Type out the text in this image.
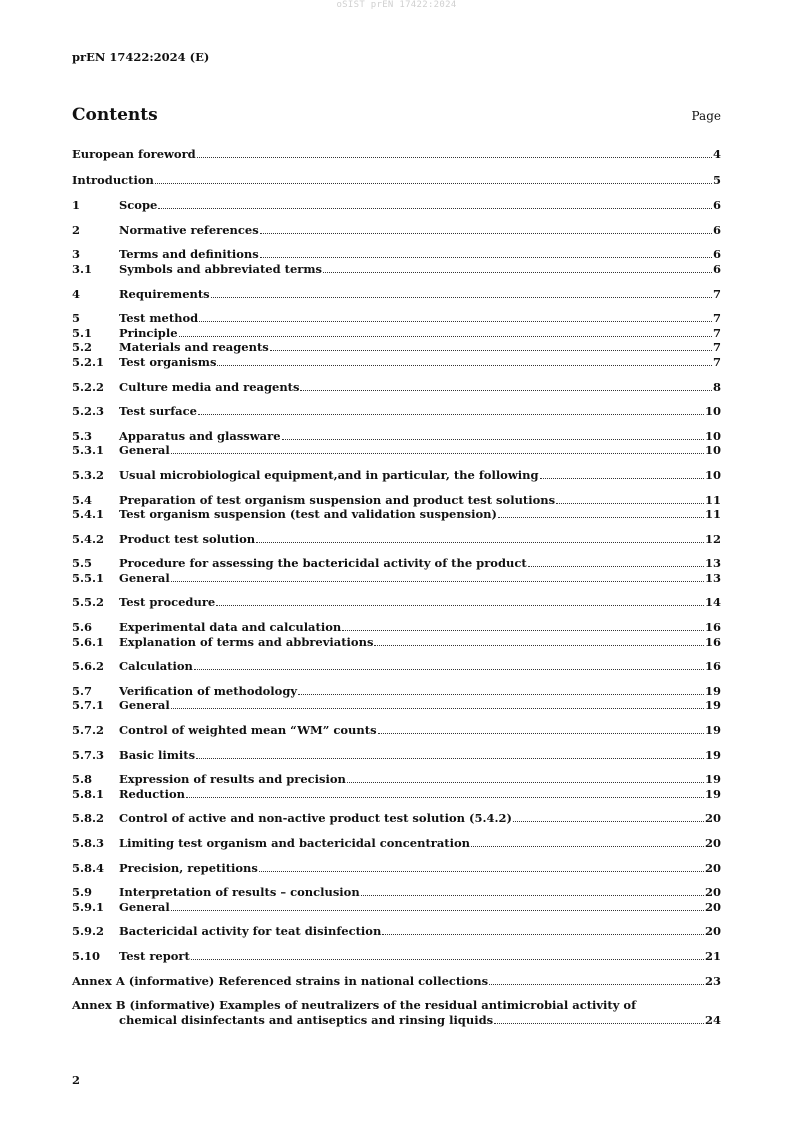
oSIST prEN 17422:2024
prEN 17422:2024 (E)
Contents	Page
European foreword	4
Introduction	5
1	Scope	6
2	Normative references	6
3	Terms and definitions	6
3.1	Symbols and abbreviated terms	6
4	Requirements	7
5	Test method	7
5.1	Principle	7
5.2	Materials and reagents	7
5.2.1	Test organisms	7
5.2.2	Culture media and reagents	8
5.2.3	Test surface	10
5.3	Apparatus and glassware	10
5.3.1	General	10
5.3.2	Usual microbiological equipment,and in particular, the following	10
5.4	Preparation of test organism suspension and product test solutions	11
5.4.1	Test organism suspension (test and validation suspension)	11
5.4.2	Product test solution	12
5.5	Procedure for assessing the bactericidal activity of the product	13
5.5.1	General	13
5.5.2	Test procedure	14
5.6	Experimental data and calculation	16
5.6.1	Explanation of terms and abbreviations	16
5.6.2	Calculation	16
5.7	Verification of methodology	19
5.7.1	General	19
5.7.2	Control of weighted mean “WM” counts	19
5.7.3	Basic limits	19
5.8	Expression of results and precision	19
5.8.1	Reduction	19
5.8.2	Control of active and non-active product test solution (5.4.2)	20
5.8.3	Limiting test organism and bactericidal concentration	20
5.8.4	Precision, repetitions	20
5.9	Interpretation of results – conclusion	20
5.9.1	General	20
5.9.2	Bactericidal activity for teat disinfection	20
5.10	Test report	21
Annex A (informative) Referenced strains in national collections	23
Annex B (informative) Examples of neutralizers of the residual antimicrobial activity of
chemical disinfectants and antiseptics and rinsing liquids	24
2
